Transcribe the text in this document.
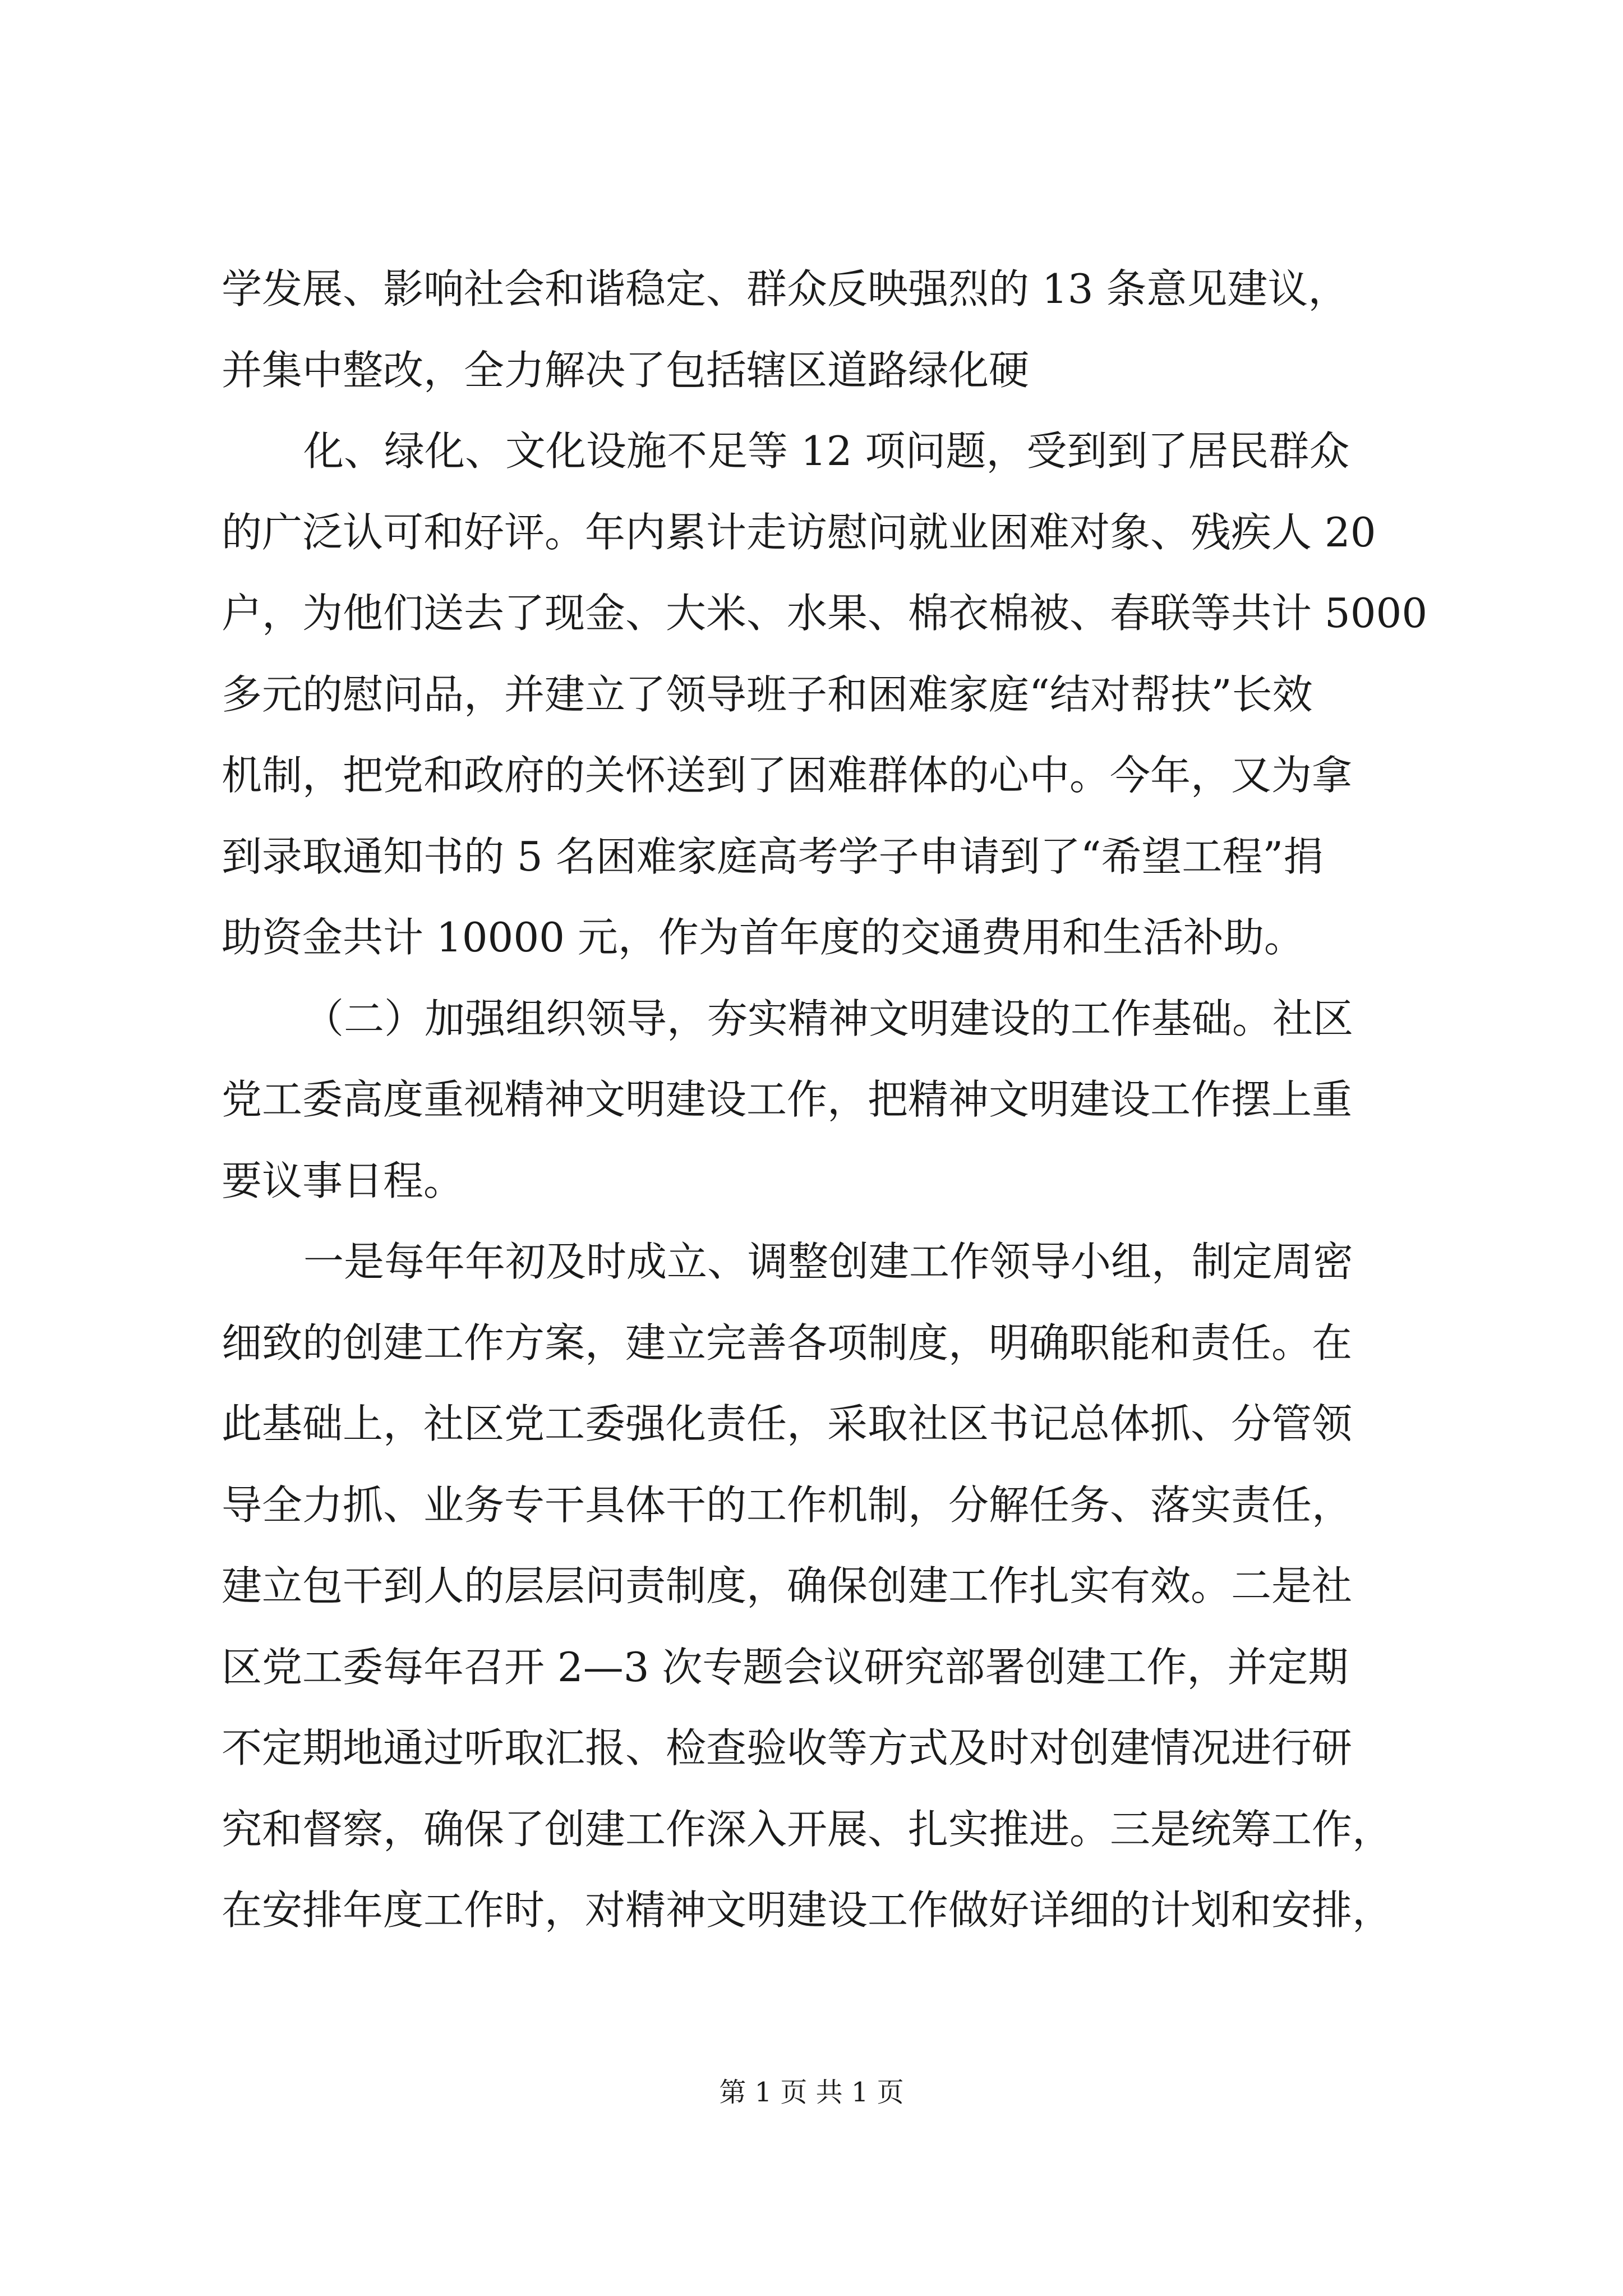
学发展、影响社会和谐稳定、群众反映强烈的 13 条意见建议，

并集中整改，全力解决了包括辖区道路绿化硬

化、绿化、文化设施不足等 12 项问题，受到到了居民群众

的广泛认可和好评。年内累计走访慰问就业困难对象、残疾人 20

户，为他们送去了现金、大米、水果、棉衣棉被、春联等共计 5000

多元的慰问品，并建立了领导班子和困难家庭“结对帮扶”长效

机制，把党和政府的关怀送到了困难群体的心中。今年，又为拿

到录取通知书的 5 名困难家庭高考学子申请到了“希望工程”捐

助资金共计 10000 元，作为首年度的交通费用和生活补助。

（二）加强组织领导，夯实精神文明建设的工作基础。社区

党工委高度重视精神文明建设工作，把精神文明建设工作摆上重

要议事日程。

一是每年年初及时成立、调整创建工作领导小组，制定周密

细致的创建工作方案，建立完善各项制度，明确职能和责任。在

此基础上，社区党工委强化责任，采取社区书记总体抓、分管领

导全力抓、业务专干具体干的工作机制，分解任务、落实责任，

建立包干到人的层层问责制度，确保创建工作扎实有效。二是社

区党工委每年召开 2—3 次专题会议研究部署创建工作，并定期

不定期地通过听取汇报、检查验收等方式及时对创建情况进行研

究和督察，确保了创建工作深入开展、扎实推进。三是统筹工作，

在安排年度工作时，对精神文明建设工作做好详细的计划和安排，

第 1 页 共 1 页
